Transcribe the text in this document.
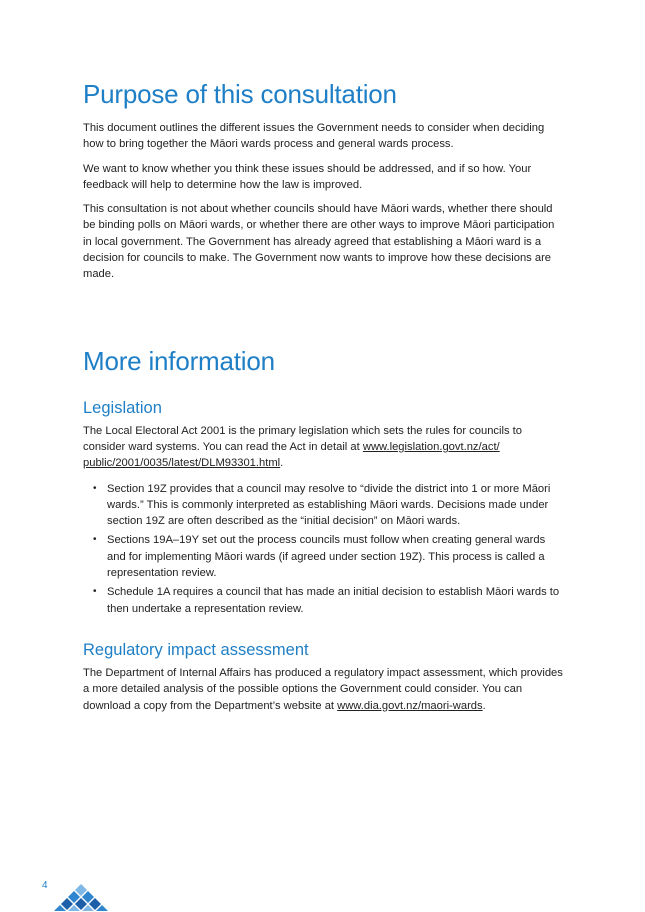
Purpose of this consultation

This document outlines the different issues the Government needs to consider when deciding how to bring together the Māori wards process and general wards process.

We want to know whether you think these issues should be addressed, and if so how. Your feedback will help to determine how the law is improved.

This consultation is not about whether councils should have Māori wards, whether there should be binding polls on Māori wards, or whether there are other ways to improve Māori participation in local government. The Government has already agreed that establishing a Māori ward is a decision for councils to make. The Government now wants to improve how these decisions are made.

More information
Legislation

The Local Electoral Act 2001 is the primary legislation which sets the rules for councils to consider ward systems. You can read the Act in detail at www.legislation.govt.nz/act/
public/2001/0035/latest/DLM93301.html.

• Section 19Z provides that a council may resolve to “divide the district into 1 or more Māori wards.” This is commonly interpreted as establishing Māori wards. Decisions made under section 19Z are often described as the “initial decision” on Māori wards.
• Sections 19A–19Y set out the process councils must follow when creating general wards and for implementing Māori wards (if agreed under section 19Z). This process is called a representation review.
• Schedule 1A requires a council that has made an initial decision to establish Māori wards to then undertake a representation review.
Regulatory impact assessment

The Department of Internal Affairs has produced a regulatory impact assessment, which provides a more detailed analysis of the possible options the Government could consider. You can download a copy from the Department’s website at www.dia.govt.nz/maori-wards.

4
